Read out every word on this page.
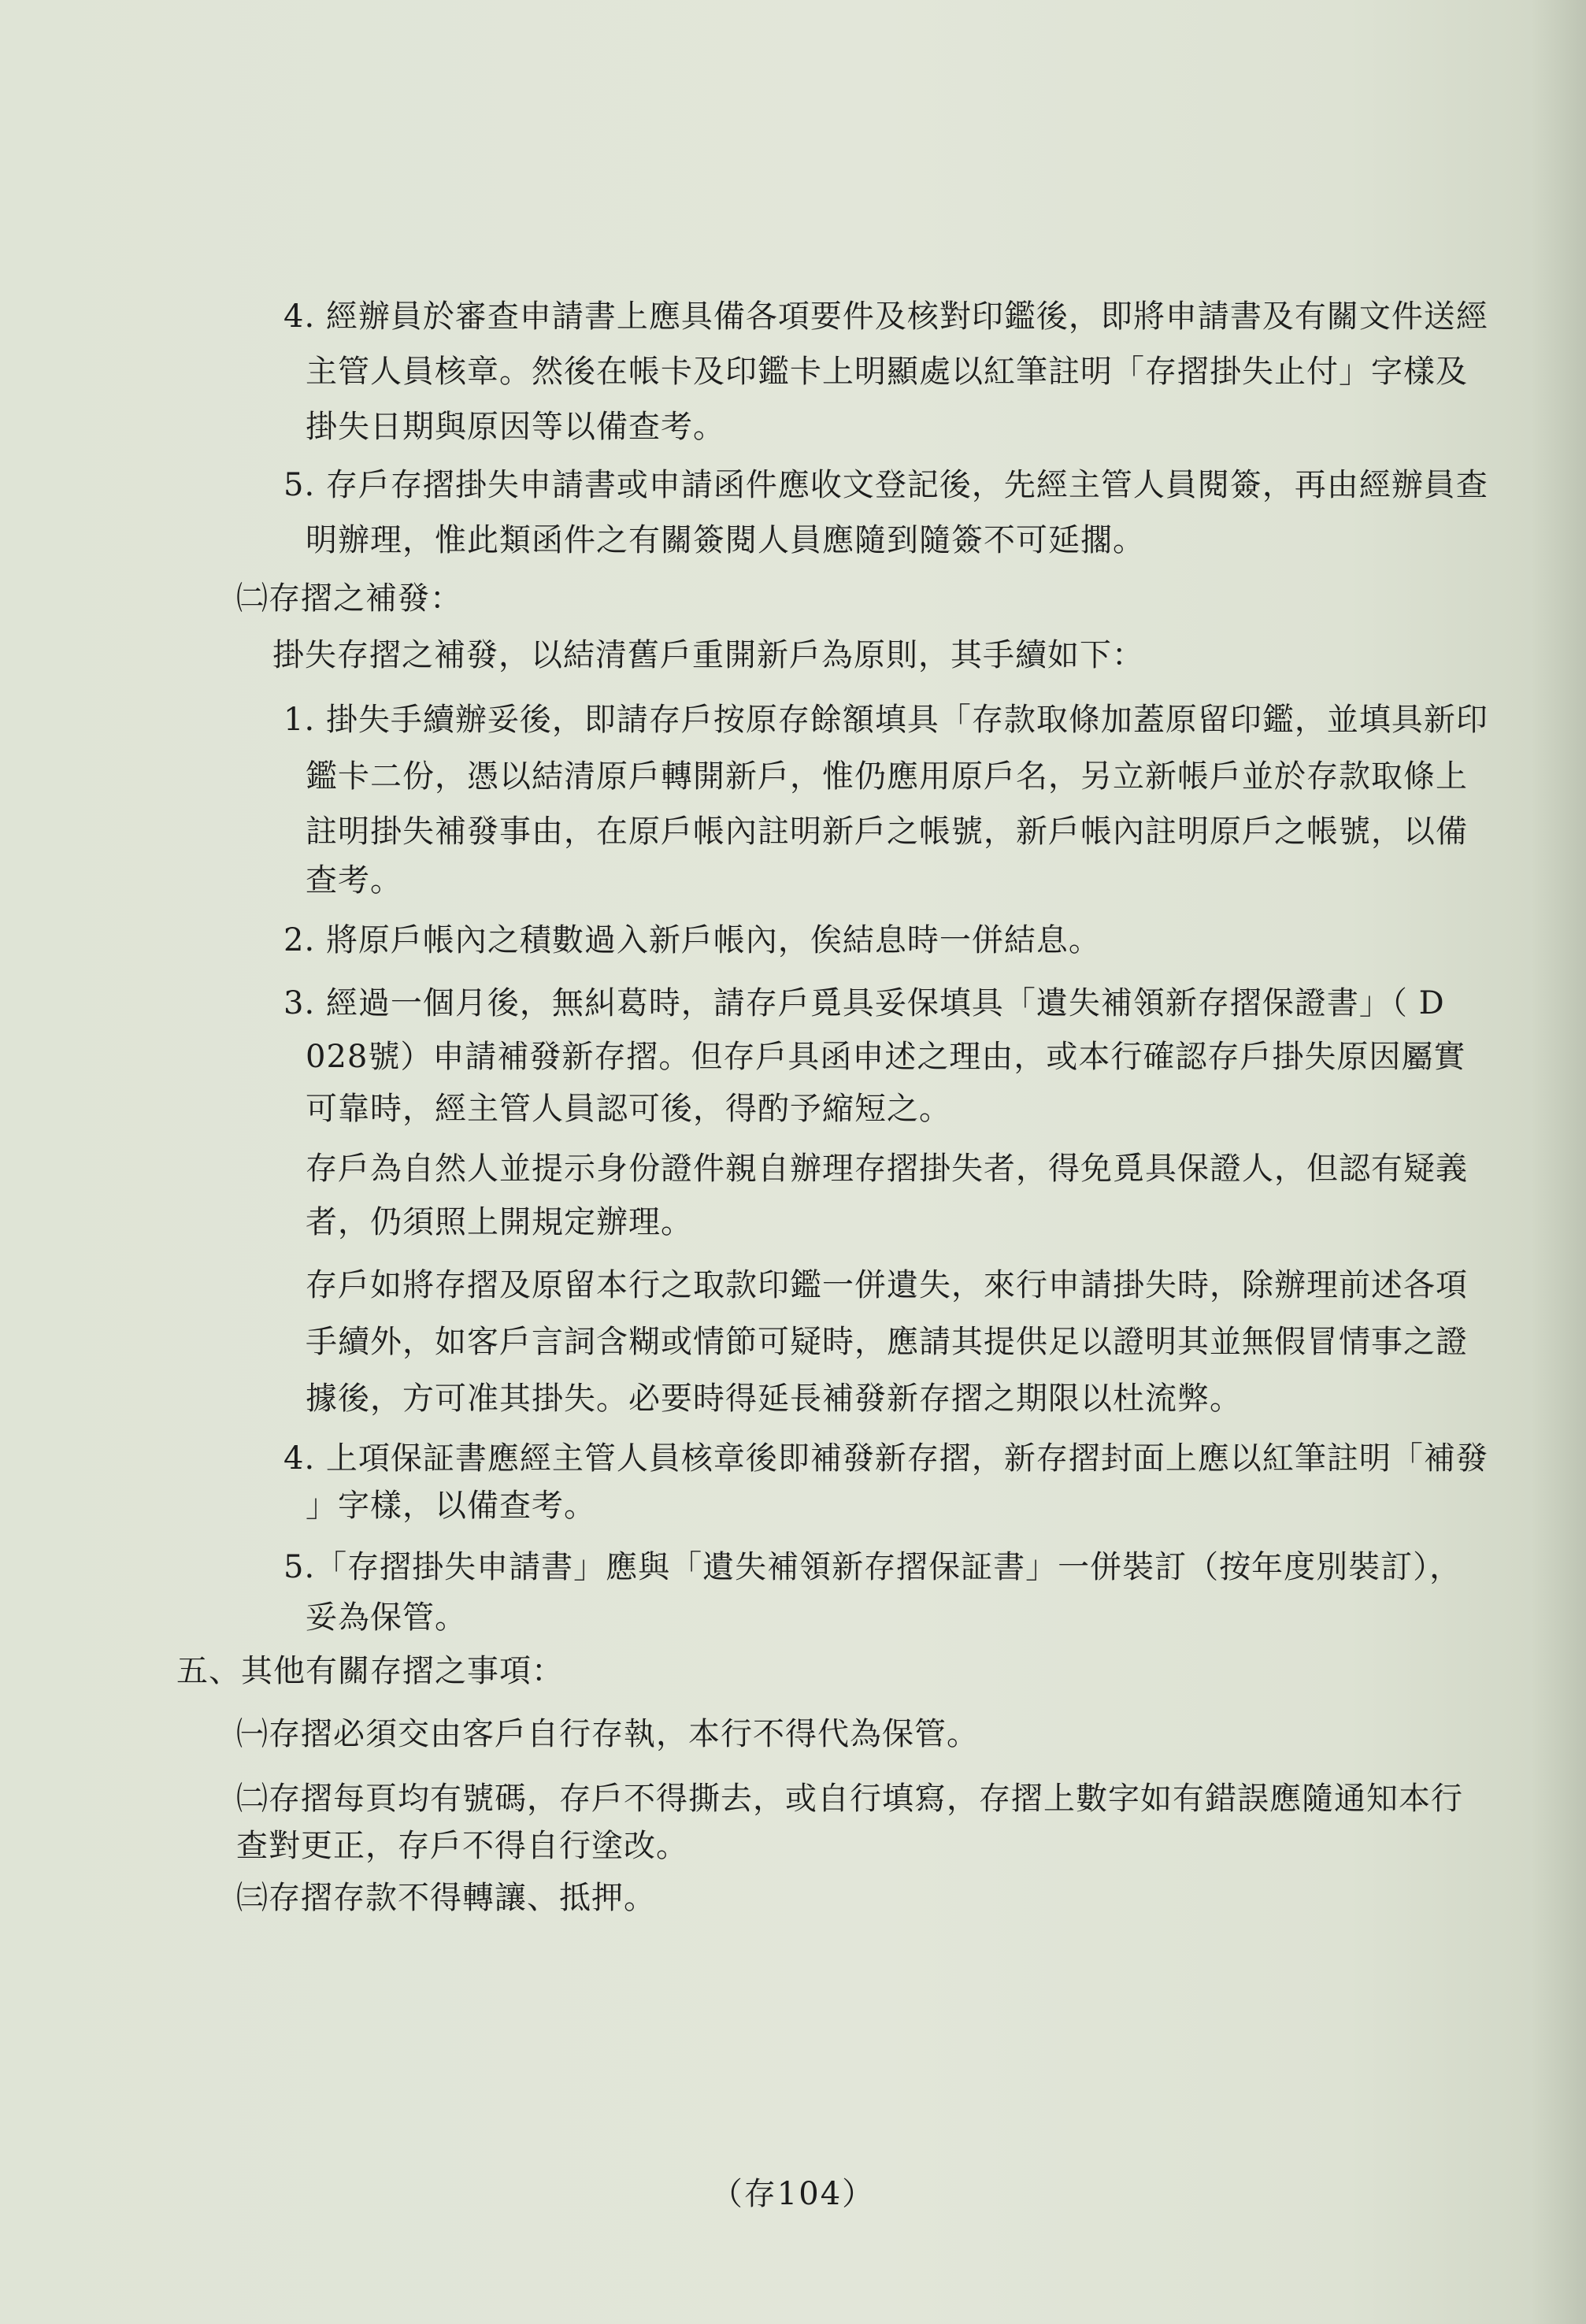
4. 經辦員於審查申請書上應具備各項要件及核對印鑑後，即將申請書及有關文件送經
主管人員核章。然後在帳卡及印鑑卡上明顯處以紅筆註明「存摺掛失止付」字樣及
掛失日期與原因等以備查考。
5. 存戶存摺掛失申請書或申請函件應收文登記後，先經主管人員閱簽，再由經辦員查
明辦理，惟此類函件之有關簽閱人員應隨到隨簽不可延擱。
㈡存摺之補發：
掛失存摺之補發，以結清舊戶重開新戶為原則，其手續如下：
1. 掛失手續辦妥後，即請存戶按原存餘額填具「存款取條加蓋原留印鑑，並填具新印
鑑卡二份，憑以結清原戶轉開新戶，惟仍應用原戶名，另立新帳戶並於存款取條上
註明掛失補發事由，在原戶帳內註明新戶之帳號，新戶帳內註明原戶之帳號，以備
查考。
2. 將原戶帳內之積數過入新戶帳內，俟結息時一併結息。
3. 經過一個月後，無糾葛時，請存戶覓具妥保填具「遺失補領新存摺保證書」（ D
028號）申請補發新存摺。但存戶具函申述之理由，或本行確認存戶掛失原因屬實
可靠時，經主管人員認可後，得酌予縮短之。
存戶為自然人並提示身份證件親自辦理存摺掛失者，得免覓具保證人，但認有疑義
者，仍須照上開規定辦理。
存戶如將存摺及原留本行之取款印鑑一併遺失，來行申請掛失時，除辦理前述各項
手續外，如客戶言詞含糊或情節可疑時，應請其提供足以證明其並無假冒情事之證
據後，方可准其掛失。必要時得延長補發新存摺之期限以杜流弊。
4. 上項保証書應經主管人員核章後即補發新存摺，新存摺封面上應以紅筆註明「補發
」字樣，以備查考。
5.「存摺掛失申請書」應與「遺失補領新存摺保証書」一併裝訂（按年度別裝訂），
妥為保管。
五、其他有關存摺之事項：
㈠存摺必須交由客戶自行存執，本行不得代為保管。
㈡存摺每頁均有號碼，存戶不得撕去，或自行填寫，存摺上數字如有錯誤應隨通知本行
查對更正，存戶不得自行塗改。
㈢存摺存款不得轉讓、抵押。
（存104）
